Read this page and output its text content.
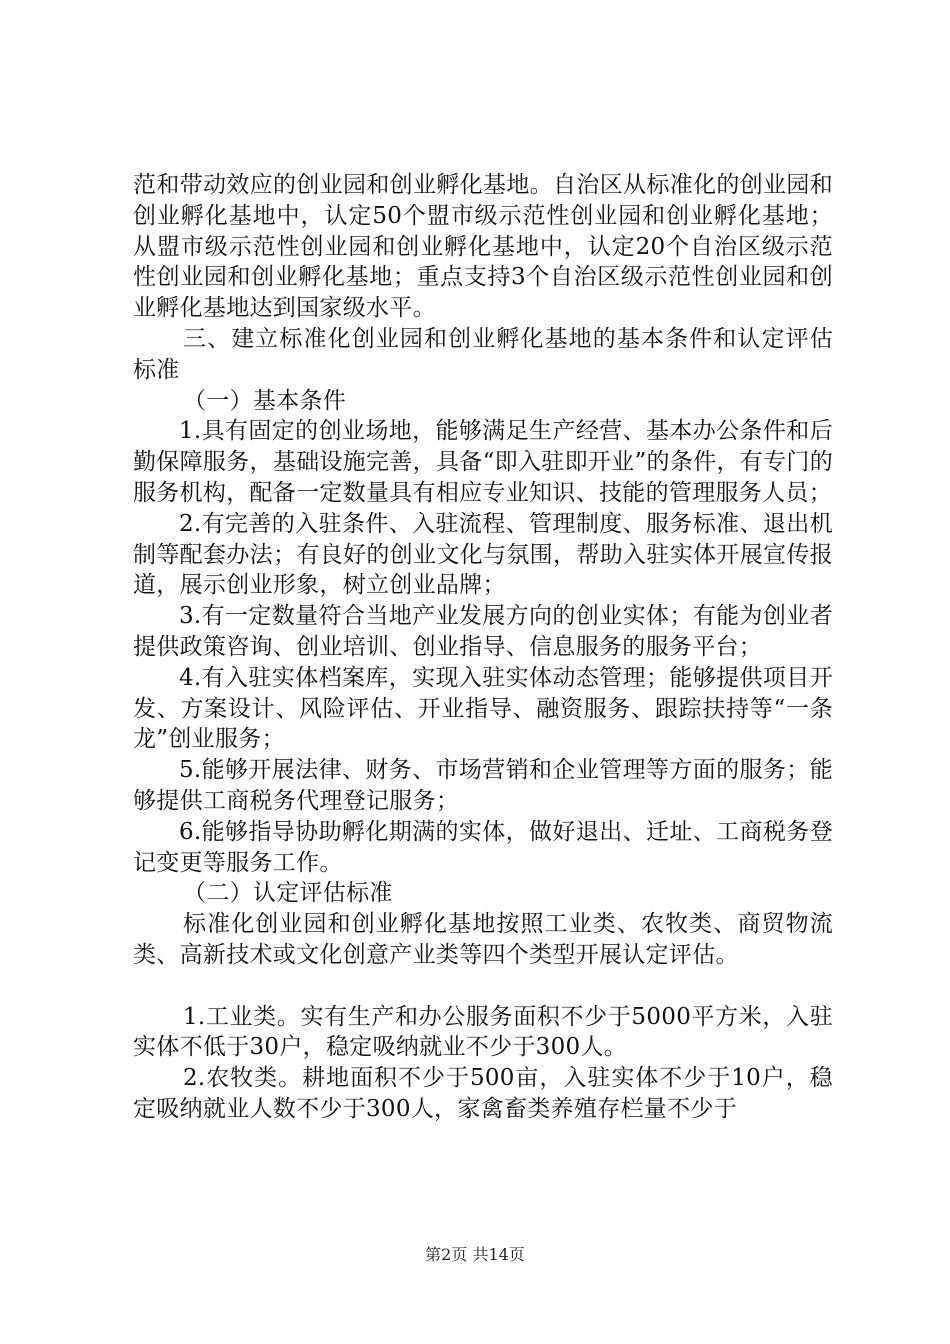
范和带动效应的创业园和创业孵化基地。自治区从标准化的创业园和创业孵化基地中，认定50个盟市级示范性创业园和创业孵化基地；从盟市级示范性创业园和创业孵化基地中，认定20个自治区级示范性创业园和创业孵化基地；重点支持3个自治区级示范性创业园和创业孵化基地达到国家级水平。

三、建立标准化创业园和创业孵化基地的基本条件和认定评估标准

（一）基本条件

1.具有固定的创业场地，能够满足生产经营、基本办公条件和后勤保障服务，基础设施完善，具备“即入驻即开业”的条件，有专门的服务机构，配备一定数量具有相应专业知识、技能的管理服务人员；

2.有完善的入驻条件、入驻流程、管理制度、服务标准、退出机制等配套办法；有良好的创业文化与氛围，帮助入驻实体开展宣传报道，展示创业形象，树立创业品牌；

3.有一定数量符合当地产业发展方向的创业实体；有能为创业者提供政策咨询、创业培训、创业指导、信息服务的服务平台；

4.有入驻实体档案库，实现入驻实体动态管理；能够提供项目开发、方案设计、风险评估、开业指导、融资服务、跟踪扶持等“一条龙”创业服务；

5.能够开展法律、财务、市场营销和企业管理等方面的服务；能够提供工商税务代理登记服务；

6.能够指导协助孵化期满的实体，做好退出、迁址、工商税务登记变更等服务工作。

（二）认定评估标准

标准化创业园和创业孵化基地按照工业类、农牧类、商贸物流类、高新技术或文化创意产业类等四个类型开展认定评估。

1.工业类。实有生产和办公服务面积不少于5000平方米，入驻实体不低于30户，稳定吸纳就业不少于300人。

2.农牧类。耕地面积不少于500亩，入驻实体不少于10户，稳定吸纳就业人数不少于300人，家禽畜类养殖存栏量不少于

第2页 共14页
